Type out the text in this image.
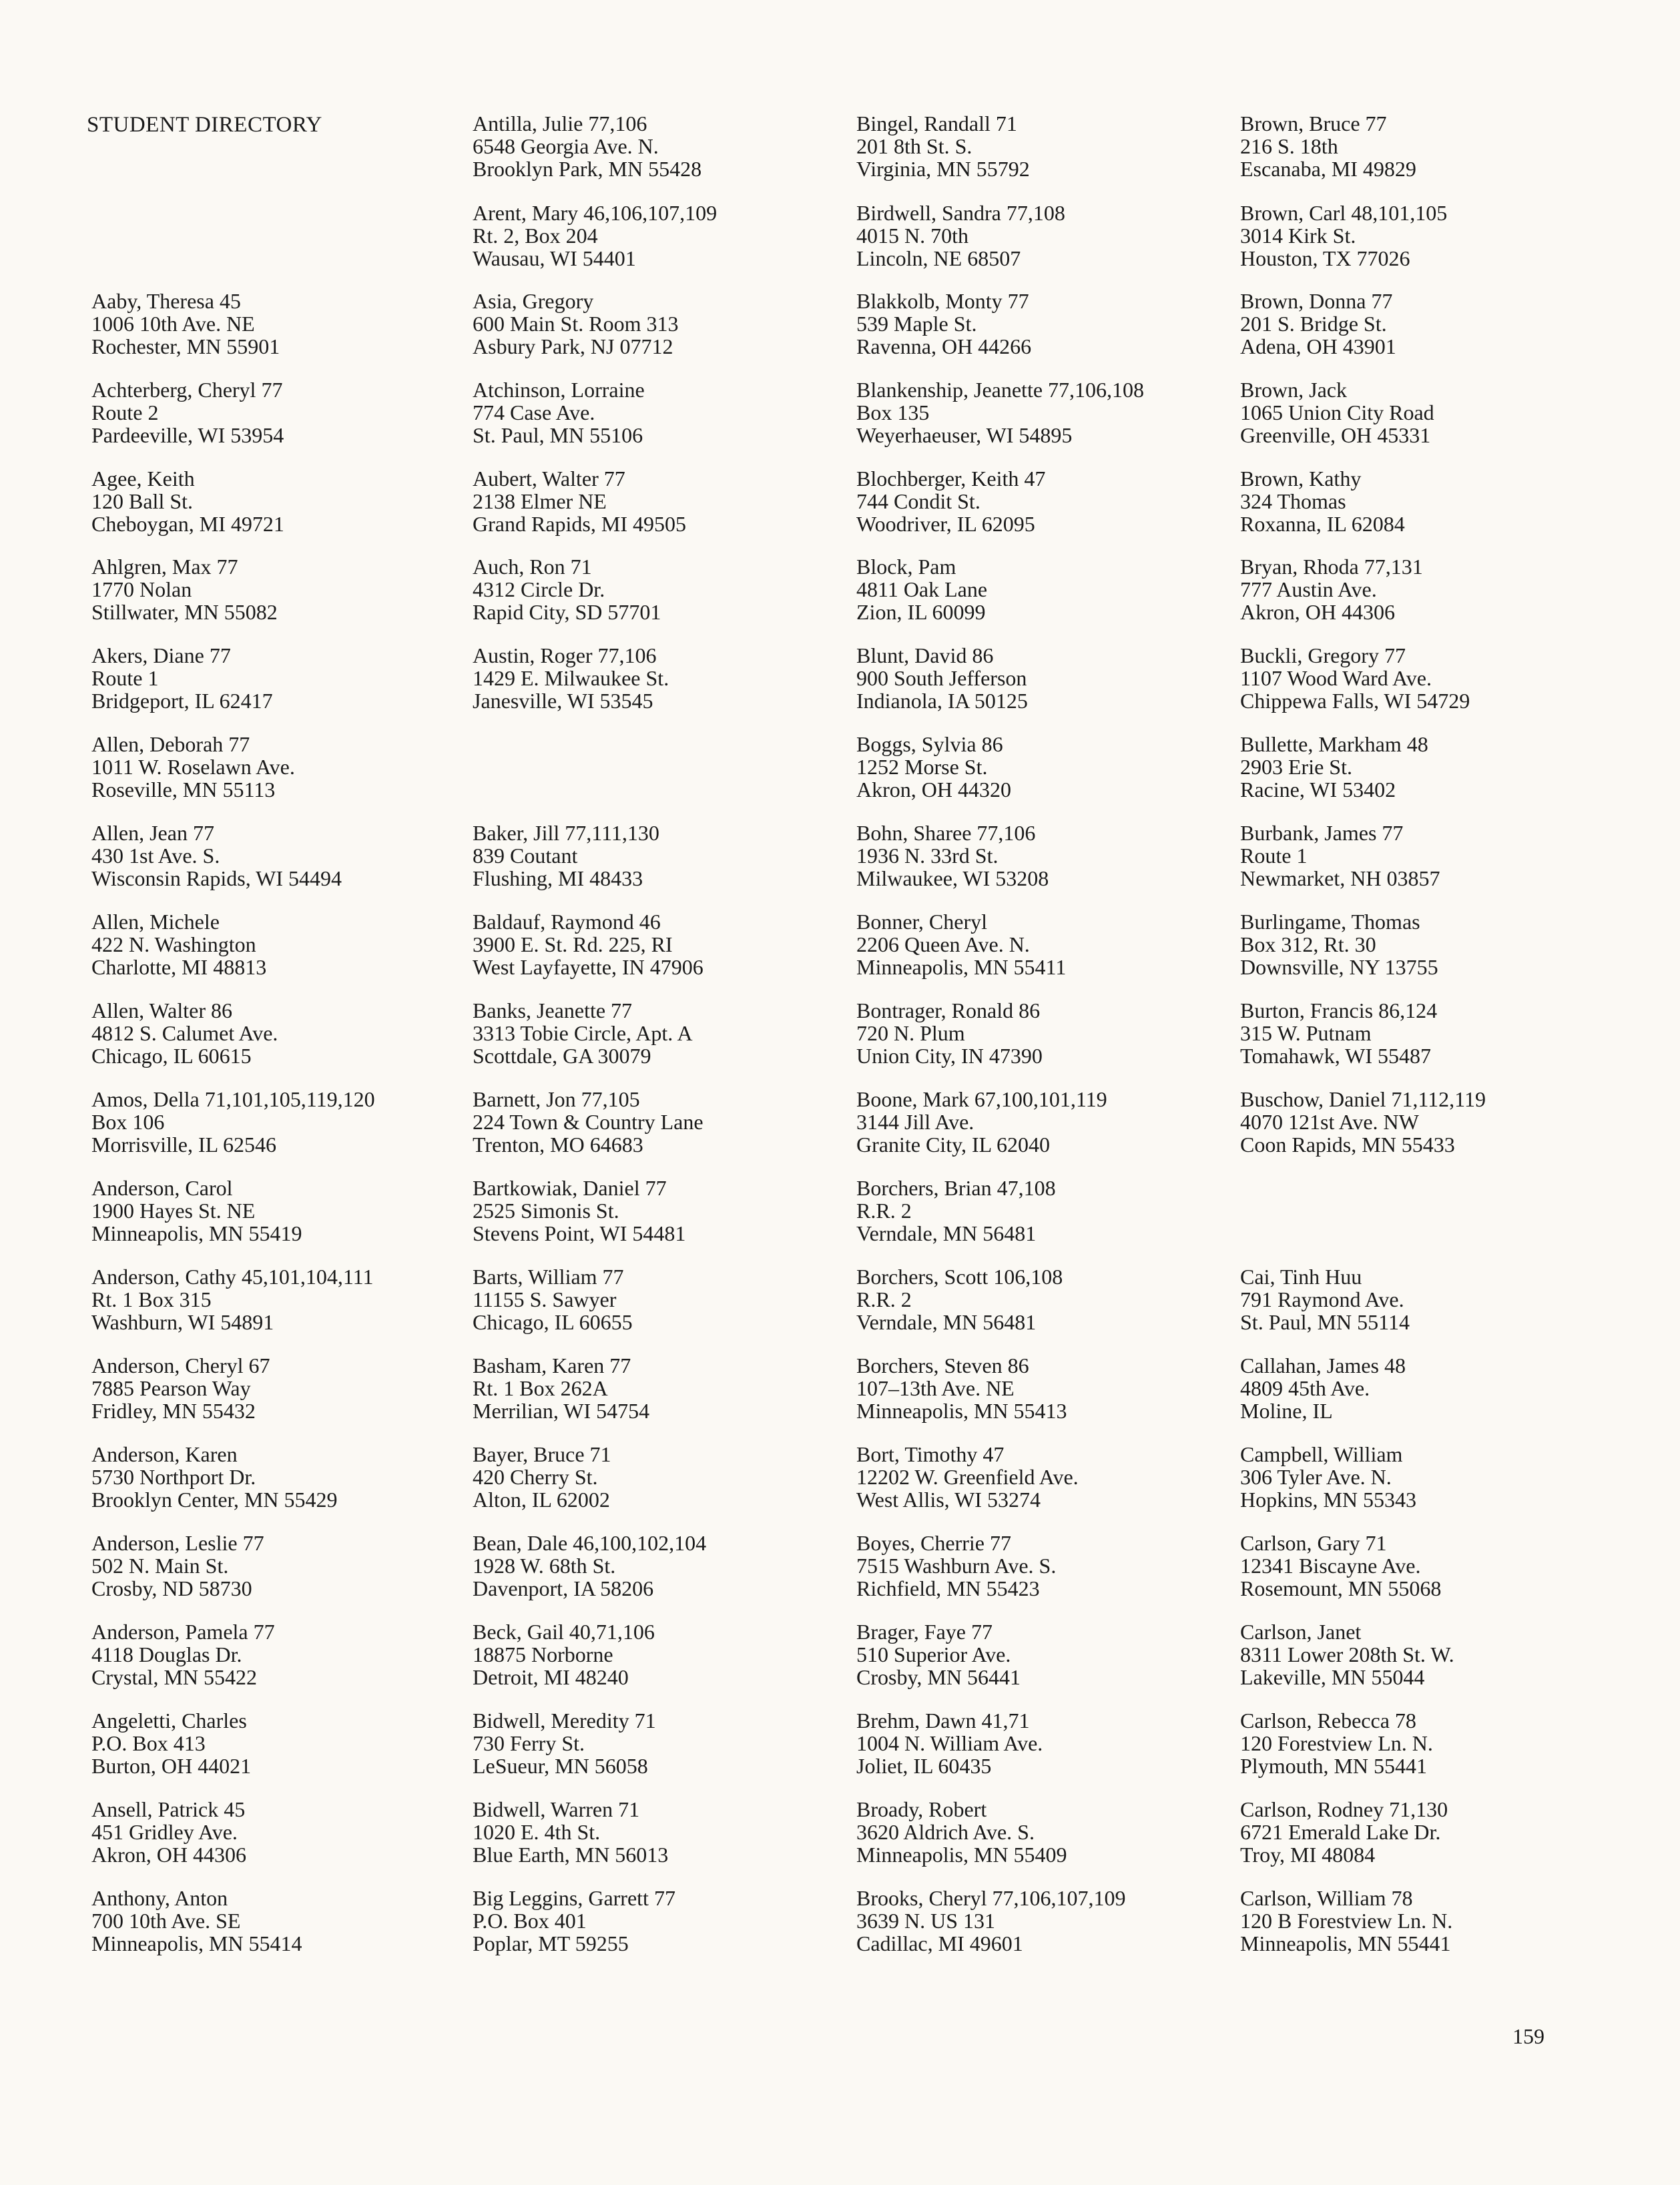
STUDENT DIRECTORY
Aaby, Theresa 45
1006 10th Ave. NE
Rochester, MN 55901
Achterberg, Cheryl 77
Route 2
Pardeeville, WI 53954
Agee, Keith
120 Ball St.
Cheboygan, MI 49721
Ahlgren, Max 77
1770 Nolan
Stillwater, MN 55082
Akers, Diane 77
Route 1
Bridgeport, IL 62417
Allen, Deborah 77
1011 W. Roselawn Ave.
Roseville, MN 55113
Allen, Jean 77
430 1st Ave. S.
Wisconsin Rapids, WI 54494
Allen, Michele
422 N. Washington
Charlotte, MI 48813
Allen, Walter 86
4812 S. Calumet Ave.
Chicago, IL 60615
Amos, Della 71,101,105,119,120
Box 106
Morrisville, IL 62546
Anderson, Carol
1900 Hayes St. NE
Minneapolis, MN 55419
Anderson, Cathy 45,101,104,111
Rt. 1 Box 315
Washburn, WI 54891
Anderson, Cheryl 67
7885 Pearson Way
Fridley, MN 55432
Anderson, Karen
5730 Northport Dr.
Brooklyn Center, MN 55429
Anderson, Leslie 77
502 N. Main St.
Crosby, ND 58730
Anderson, Pamela 77
4118 Douglas Dr.
Crystal, MN 55422
Angeletti, Charles
P.O. Box 413
Burton, OH 44021
Ansell, Patrick 45
451 Gridley Ave.
Akron, OH 44306
Anthony, Anton
700 10th Ave. SE
Minneapolis, MN 55414
Antilla, Julie 77,106
6548 Georgia Ave. N.
Brooklyn Park, MN 55428
Arent, Mary 46,106,107,109
Rt. 2, Box 204
Wausau, WI 54401
Asia, Gregory
600 Main St. Room 313
Asbury Park, NJ 07712
Atchinson, Lorraine
774 Case Ave.
St. Paul, MN 55106
Aubert, Walter 77
2138 Elmer NE
Grand Rapids, MI 49505
Auch, Ron 71
4312 Circle Dr.
Rapid City, SD 57701
Austin, Roger 77,106
1429 E. Milwaukee St.
Janesville, WI 53545
Baker, Jill 77,111,130
839 Coutant
Flushing, MI 48433
Baldauf, Raymond 46
3900 E. St. Rd. 225, RI
West Layfayette, IN 47906
Banks, Jeanette 77
3313 Tobie Circle, Apt. A
Scottdale, GA 30079
Barnett, Jon 77,105
224 Town & Country Lane
Trenton, MO 64683
Bartkowiak, Daniel 77
2525 Simonis St.
Stevens Point, WI 54481
Barts, William 77
11155 S. Sawyer
Chicago, IL 60655
Basham, Karen 77
Rt. 1 Box 262A
Merrilian, WI 54754
Bayer, Bruce 71
420 Cherry St.
Alton, IL 62002
Bean, Dale 46,100,102,104
1928 W. 68th St.
Davenport, IA 58206
Beck, Gail 40,71,106
18875 Norborne
Detroit, MI 48240
Bidwell, Meredity 71
730 Ferry St.
LeSueur, MN 56058
Bidwell, Warren 71
1020 E. 4th St.
Blue Earth, MN 56013
Big Leggins, Garrett 77
P.O. Box 401
Poplar, MT 59255
Bingel, Randall 71
201 8th St. S.
Virginia, MN 55792
Birdwell, Sandra 77,108
4015 N. 70th
Lincoln, NE 68507
Blakkolb, Monty 77
539 Maple St.
Ravenna, OH 44266
Blankenship, Jeanette 77,106,108
Box 135
Weyerhaeuser, WI 54895
Blochberger, Keith 47
744 Condit St.
Woodriver, IL 62095
Block, Pam
4811 Oak Lane
Zion, IL 60099
Blunt, David 86
900 South Jefferson
Indianola, IA 50125
Boggs, Sylvia 86
1252 Morse St.
Akron, OH 44320
Bohn, Sharee 77,106
1936 N. 33rd St.
Milwaukee, WI 53208
Bonner, Cheryl
2206 Queen Ave. N.
Minneapolis, MN 55411
Bontrager, Ronald 86
720 N. Plum
Union City, IN 47390
Boone, Mark 67,100,101,119
3144 Jill Ave.
Granite City, IL 62040
Borchers, Brian 47,108
R.R. 2
Verndale, MN 56481
Borchers, Scott 106,108
R.R. 2
Verndale, MN 56481
Borchers, Steven 86
107–13th Ave. NE
Minneapolis, MN 55413
Bort, Timothy 47
12202 W. Greenfield Ave.
West Allis, WI 53274
Boyes, Cherrie 77
7515 Washburn Ave. S.
Richfield, MN 55423
Brager, Faye 77
510 Superior Ave.
Crosby, MN 56441
Brehm, Dawn 41,71
1004 N. William Ave.
Joliet, IL 60435
Broady, Robert
3620 Aldrich Ave. S.
Minneapolis, MN 55409
Brooks, Cheryl 77,106,107,109
3639 N. US 131
Cadillac, MI 49601
Brown, Bruce 77
216 S. 18th
Escanaba, MI 49829
Brown, Carl 48,101,105
3014 Kirk St.
Houston, TX 77026
Brown, Donna 77
201 S. Bridge St.
Adena, OH 43901
Brown, Jack
1065 Union City Road
Greenville, OH 45331
Brown, Kathy
324 Thomas
Roxanna, IL 62084
Bryan, Rhoda 77,131
777 Austin Ave.
Akron, OH 44306
Buckli, Gregory 77
1107 Wood Ward Ave.
Chippewa Falls, WI 54729
Bullette, Markham 48
2903 Erie St.
Racine, WI 53402
Burbank, James 77
Route 1
Newmarket, NH 03857
Burlingame, Thomas
Box 312, Rt. 30
Downsville, NY 13755
Burton, Francis 86,124
315 W. Putnam
Tomahawk, WI 55487
Buschow, Daniel 71,112,119
4070 121st Ave. NW
Coon Rapids, MN 55433
Cai, Tinh Huu
791 Raymond Ave.
St. Paul, MN 55114
Callahan, James 48
4809 45th Ave.
Moline, IL
Campbell, William
306 Tyler Ave. N.
Hopkins, MN 55343
Carlson, Gary 71
12341 Biscayne Ave.
Rosemount, MN 55068
Carlson, Janet
8311 Lower 208th St. W.
Lakeville, MN 55044
Carlson, Rebecca 78
120 Forestview Ln. N.
Plymouth, MN 55441
Carlson, Rodney 71,130
6721 Emerald Lake Dr.
Troy, MI 48084
Carlson, William 78
120 B Forestview Ln. N.
Minneapolis, MN 55441
159
